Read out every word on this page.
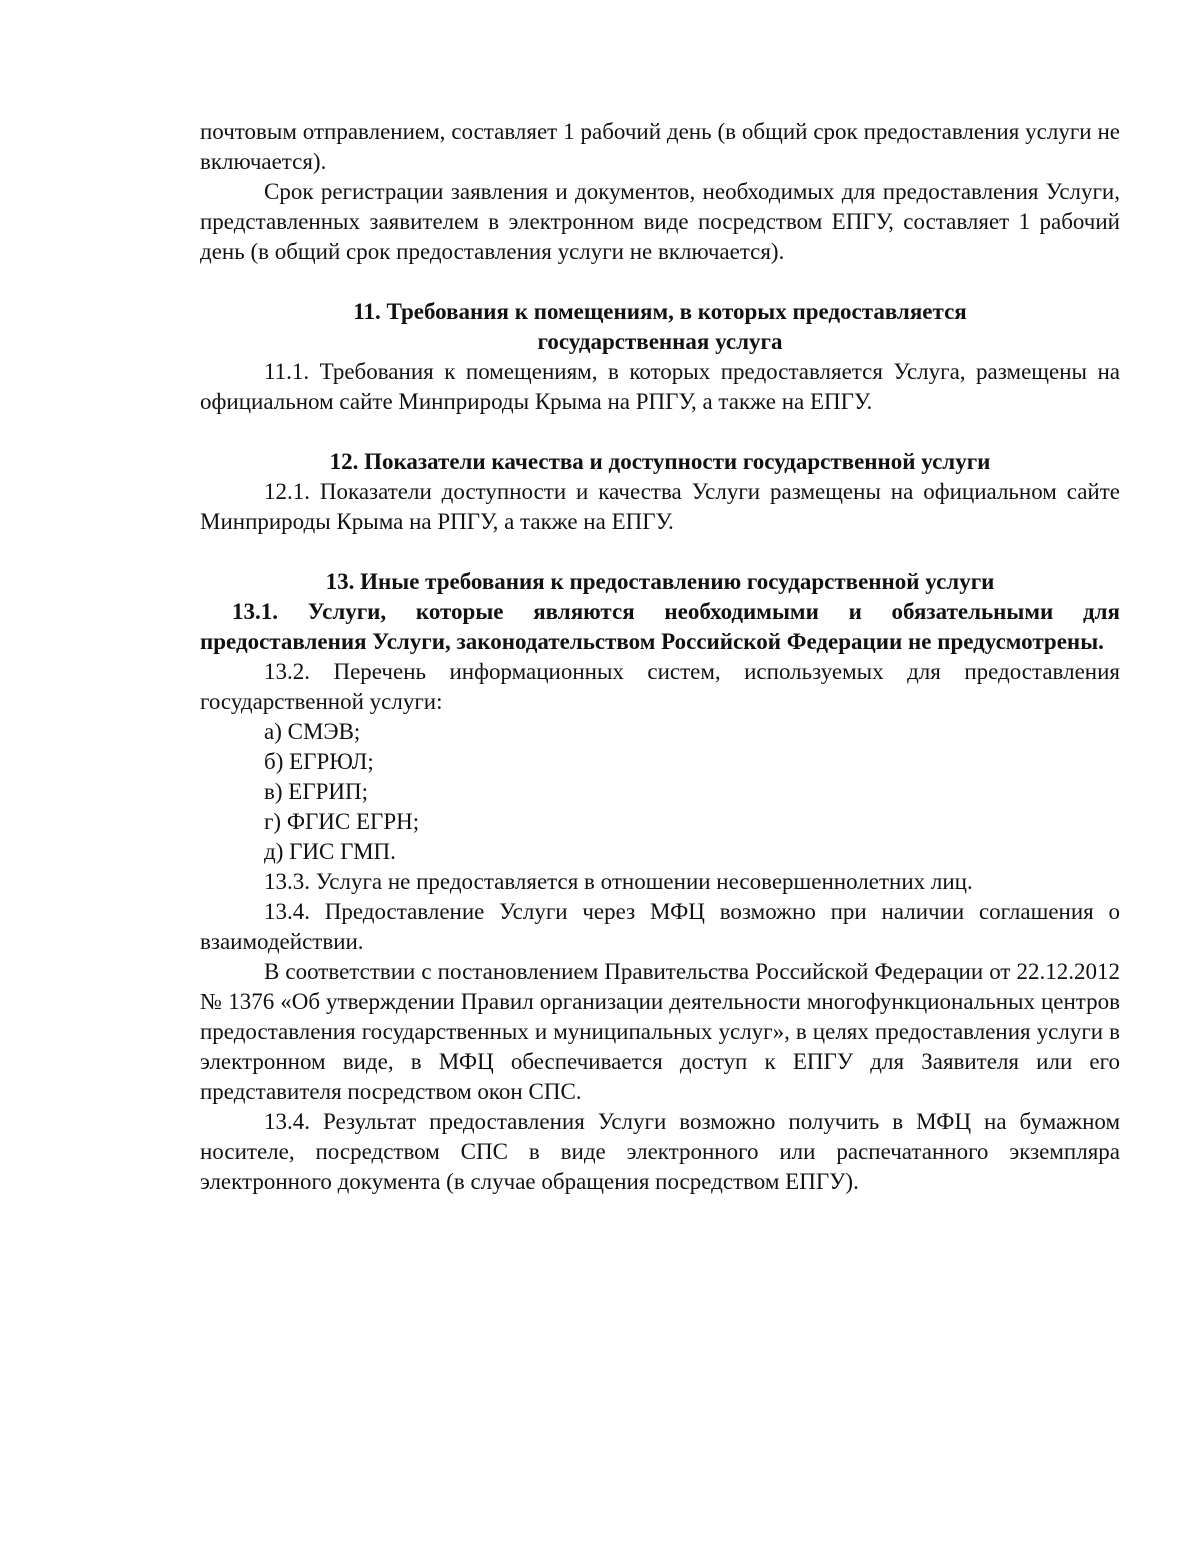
почтовым отправлением, составляет 1 рабочий день (в общий срок предоставления услуги не включается).

Срок регистрации заявления и документов, необходимых для предоставления Услуги, представленных заявителем в электронном виде посредством ЕПГУ, составляет 1 рабочий день (в общий срок предоставления услуги не включается).

11. Требования к помещениям, в которых предоставляется

государственная услуга

11.1. Требования к помещениям, в которых предоставляется Услуга, размещены на официальном сайте Минприроды Крыма на РПГУ, а также на ЕПГУ.

12. Показатели качества и доступности государственной услуги

12.1. Показатели доступности и качества Услуги размещены на официальном сайте Минприроды Крыма на РПГУ, а также на ЕПГУ.

13. Иные требования к предоставлению государственной услуги

13.1. Услуги, которые являются необходимыми и обязательными для предоставления Услуги, законодательством Российской Федерации не предусмотрены.

13.2. Перечень информационных систем, используемых для предоставления государственной услуги:

а) СМЭВ;

б) ЕГРЮЛ;

в) ЕГРИП;

г) ФГИС ЕГРН;

д) ГИС ГМП.

13.3. Услуга не предоставляется в отношении несовершеннолетних лиц.

13.4. Предоставление Услуги через МФЦ возможно при наличии соглашения о взаимодействии.

В соответствии с постановлением Правительства Российской Федерации от 22.12.2012 № 1376 «Об утверждении Правил организации деятельности многофункциональных центров предоставления государственных и муниципальных услуг», в целях предоставления услуги в электронном виде, в МФЦ обеспечивается доступ к ЕПГУ для Заявителя или его представителя посредством окон СПС.

13.4. Результат предоставления Услуги возможно получить в МФЦ на бумажном носителе, посредством СПС в виде электронного или распечатанного экземпляра электронного документа (в случае обращения посредством ЕПГУ).
